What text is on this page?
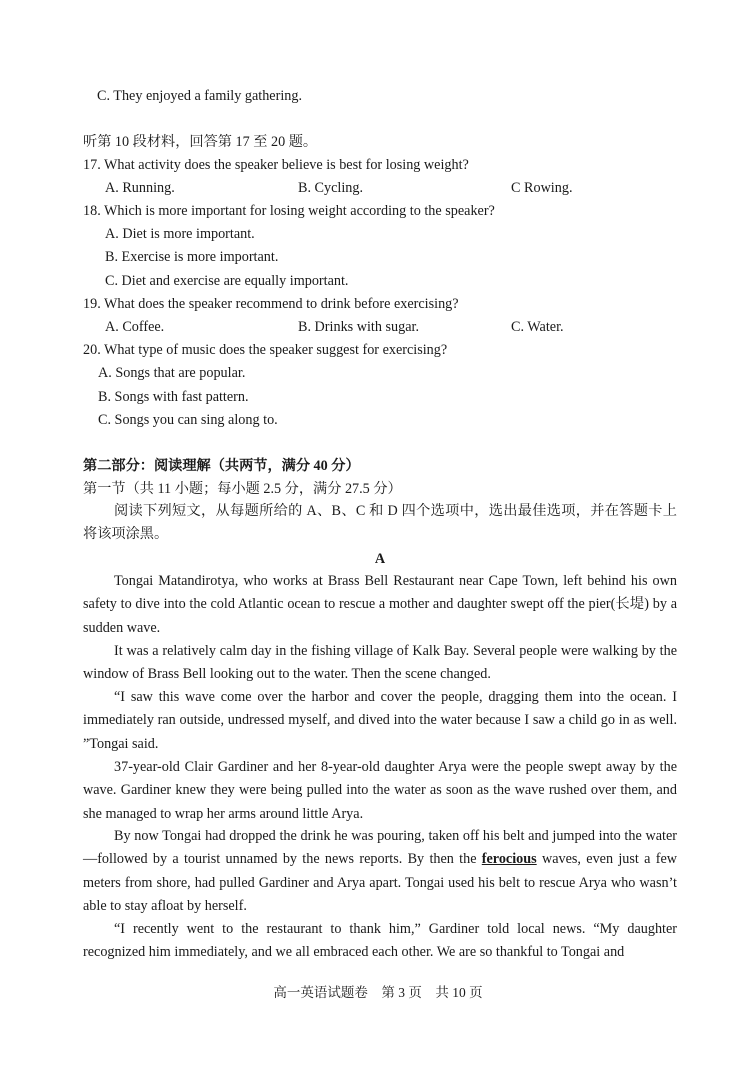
C. They enjoyed a family gathering.
听第 10 段材料，回答第 17 至 20 题。
17. What activity does the speaker believe is best for losing weight?
A. Running.	B. Cycling.	C Rowing.
18. Which is more important for losing weight according to the speaker?
A. Diet is more important.
B. Exercise is more important.
C. Diet and exercise are equally important.
19. What does the speaker recommend to drink before exercising?
A. Coffee.	B. Drinks with sugar.	C. Water.
20. What type of music does the speaker suggest for exercising?
A. Songs that are popular.
B. Songs with fast pattern.
C. Songs you can sing along to.
第二部分：阅读理解（共两节，满分 40 分）
第一节（共 11 小题；每小题 2.5 分，满分 27.5 分）
阅读下列短文，从每题所给的 A、B、C 和 D 四个选项中，选出最佳选项，并在答题卡上将该项涂黑。
A
Tongai Matandirotya, who works at Brass Bell Restaurant near Cape Town, left behind his own safety to dive into the cold Atlantic ocean to rescue a mother and daughter swept off the pier(长堤) by a sudden wave.
It was a relatively calm day in the fishing village of Kalk Bay. Several people were walking by the window of Brass Bell looking out to the water. Then the scene changed.
“I saw this wave come over the harbor and cover the people, dragging them into the ocean. I immediately ran outside, undressed myself, and dived into the water because I saw a child go in as well. ”Tongai said.
37-year-old Clair Gardiner and her 8-year-old daughter Arya were the people swept away by the wave. Gardiner knew they were being pulled into the water as soon as the wave rushed over them, and she managed to wrap her arms around little Arya.
By now Tongai had dropped the drink he was pouring, taken off his belt and jumped into the water—followed by a tourist unnamed by the news reports. By then the ferocious waves, even just a few meters from shore, had pulled Gardiner and Arya apart. Tongai used his belt to rescue Arya who wasn’t able to stay afloat by herself.
“I recently went to the restaurant to thank him,” Gardiner told local news. “My daughter recognized him immediately, and we all embraced each other. We are so thankful to Tongai and
高一英语试题卷　第 3 页　共 10 页
